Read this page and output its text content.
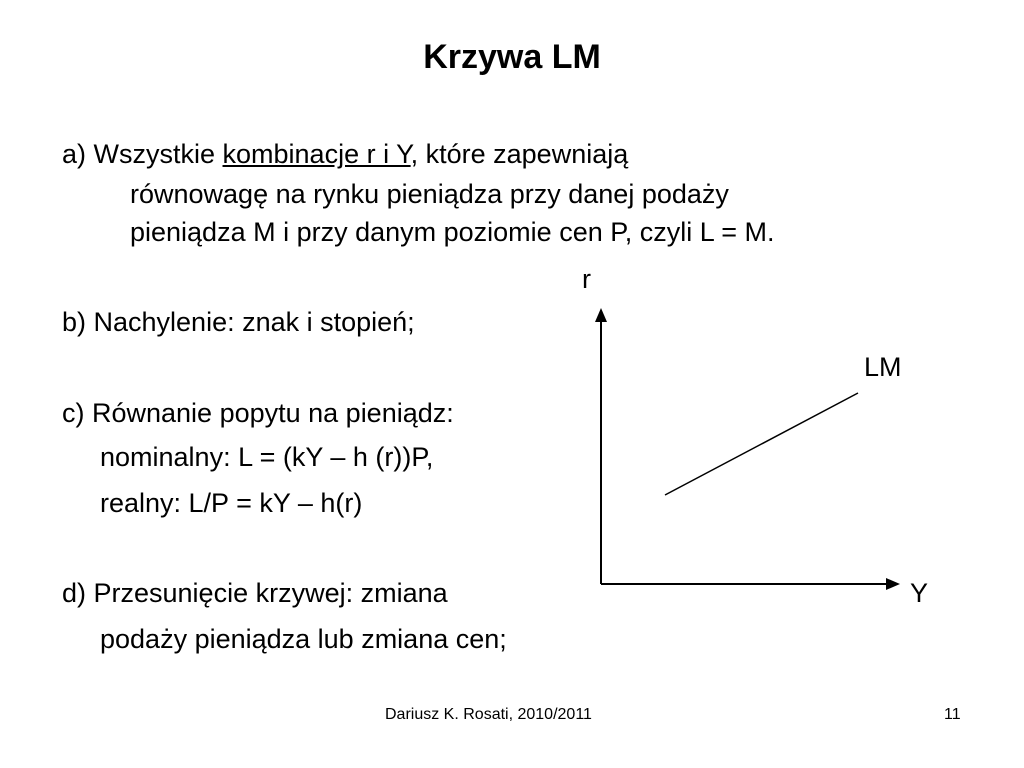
Krzywa LM
a) Wszystkie kombinacje r i Y, które zapewniają
równowagę na rynku pieniądza przy danej podaży
pieniądza M i przy danym poziomie cen P, czyli L = M.
b) Nachylenie: znak i stopień;
c) Równanie popytu na pieniądz:
nominalny: L = (kY – h (r))P,
realny: L/P = kY – h(r)
d) Przesunięcie krzywej: zmiana
podaży pieniądza lub zmiana cen;
r
Y
LM
Dariusz K. Rosati, 2010/2011	11
